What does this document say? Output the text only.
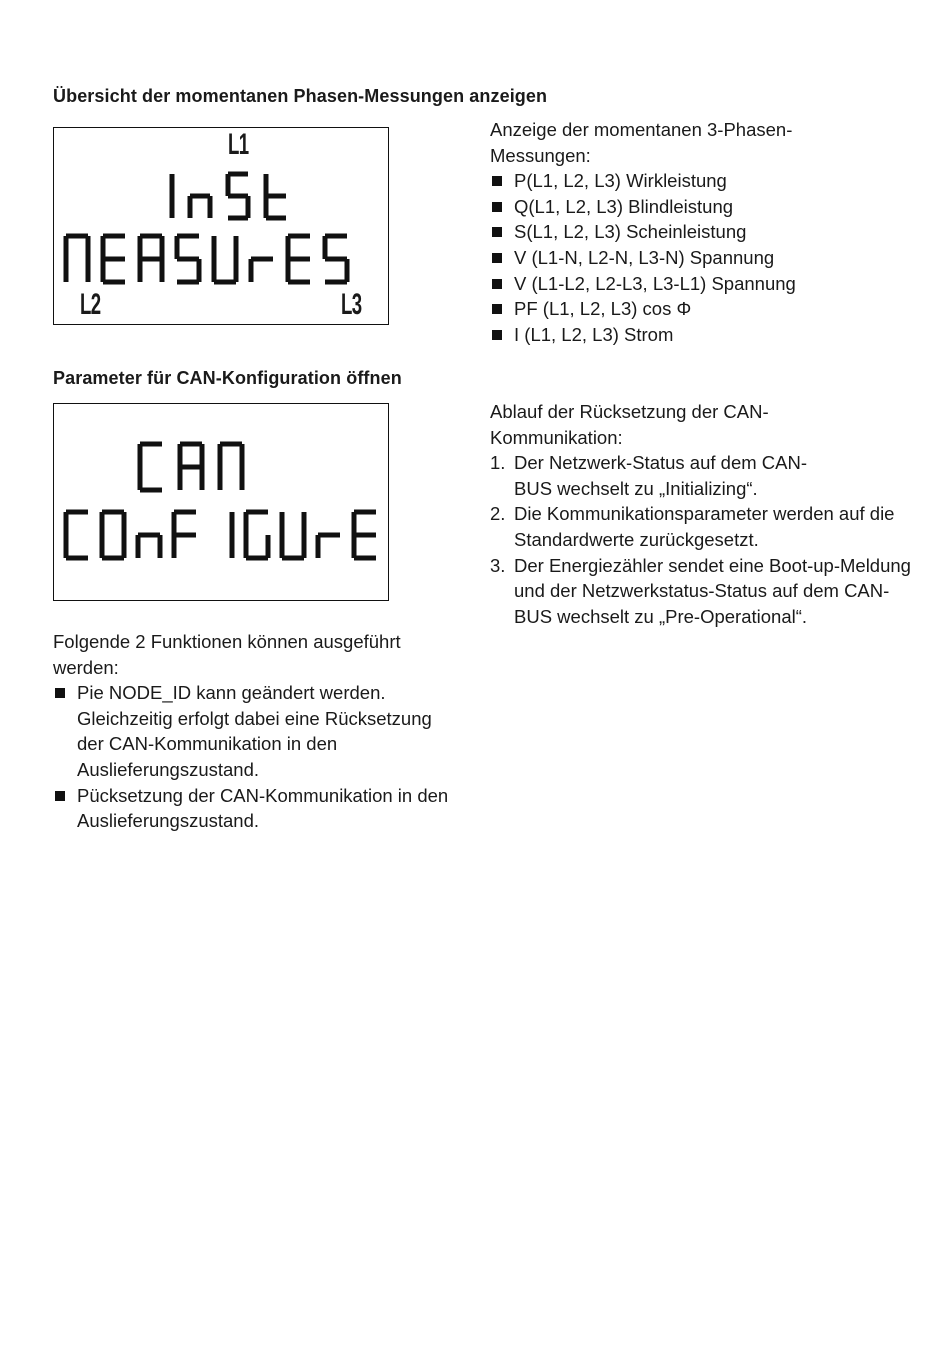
Übersicht der momentanen Phasen-Messungen anzeigen
L1
L2	L3
Anzeige der momentanen 3-Phasen-Messungen:
P(L1, L2, L3) Wirkleistung
Q(L1, L2, L3) Blindleistung
S(L1, L2, L3) Scheinleistung
V (L1-N, L2-N, L3-N) Spannung
V (L1-L2, L2-L3, L3-L1) Spannung
PF (L1, L2, L3) cos Φ
I (L1, L2, L3) Strom
Parameter für CAN-Konfiguration öffnen
Folgende 2 Funktionen können ausgeführt werden:
Pie NODE_ID kann geändert werden. Gleichzeitig erfolgt dabei eine Rücksetzung der CAN-Kommunikation in den Auslieferungszustand.
Pücksetzung der CAN-Kommunikation in den Auslieferungszustand.
Ablauf der Rücksetzung der CAN-Kommunikation:
1. Der Netzwerk-Status auf dem CAN-BUS wechselt zu „Initializing“.
2. Die Kommunikationsparameter werden auf die Standardwerte zurückgesetzt.
3. Der Energiezähler sendet eine Boot-up-Meldung und der Netzwerkstatus-Status auf dem CAN-BUS wechselt zu „Pre-Operational“.
